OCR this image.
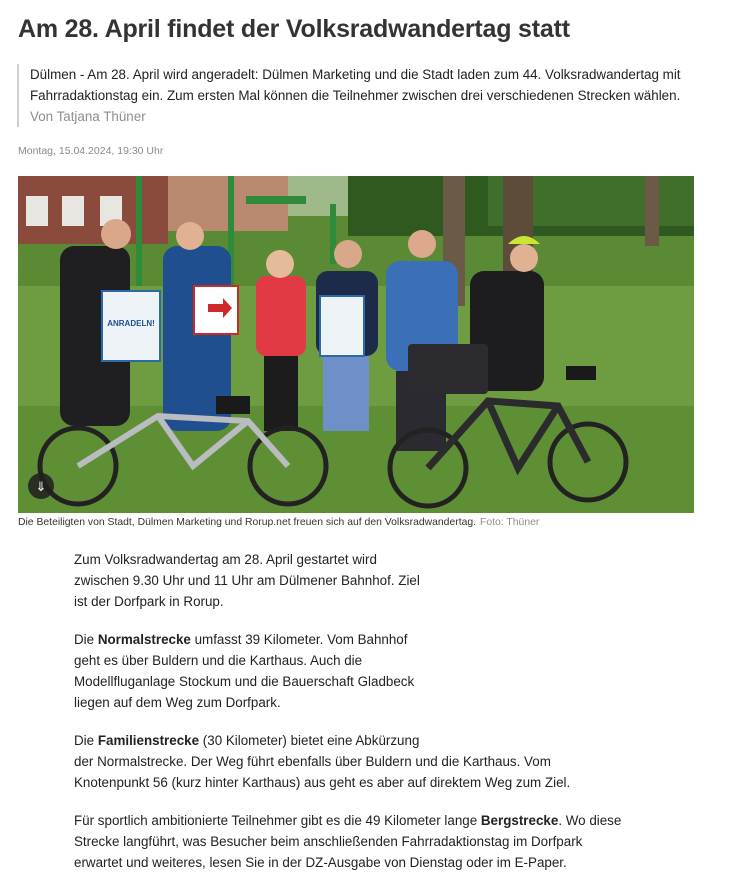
Am 28. April findet der Volksradwandertag statt
Dülmen - Am 28. April wird angeradelt: Dülmen Marketing und die Stadt laden zum 44. Volksradwandertag mit Fahrradaktionstag ein. Zum ersten Mal können die Teilnehmer zwischen drei verschiedenen Strecken wählen. Von Tatjana Thüner
Montag, 15.04.2024, 19:30 Uhr
ANRADELN!
⇓
Die Beteiligten von Stadt, Dülmen Marketing und Rorup.net freuen sich auf den Volksradwandertag. Foto: Thüner

Zum Volksradwandertag am 28. April gestartet wird
zwischen 9.30 Uhr und 11 Uhr am Dülmener Bahnhof. Ziel
ist der Dorfpark in Rorup.

Die Normalstrecke umfasst 39 Kilometer. Vom Bahnhof
geht es über Buldern und die Karthaus. Auch die
Modellfluganlage Stockum und die Bauerschaft Gladbeck
liegen auf dem Weg zum Dorfpark.

Die Familienstrecke (30 Kilometer) bietet eine Abkürzung
der Normalstrecke. Der Weg führt ebenfalls über Buldern und die Karthaus. Vom
Knotenpunkt 56 (kurz hinter Karthaus) aus geht es aber auf direktem Weg zum Ziel.

Für sportlich ambitionierte Teilnehmer gibt es die 49 Kilometer lange Bergstrecke. Wo diese
Strecke langführt, was Besucher beim anschließenden Fahrradaktionstag im Dorfpark
erwartet und weiteres, lesen Sie in der DZ-Ausgabe von Dienstag oder im E-Paper.
